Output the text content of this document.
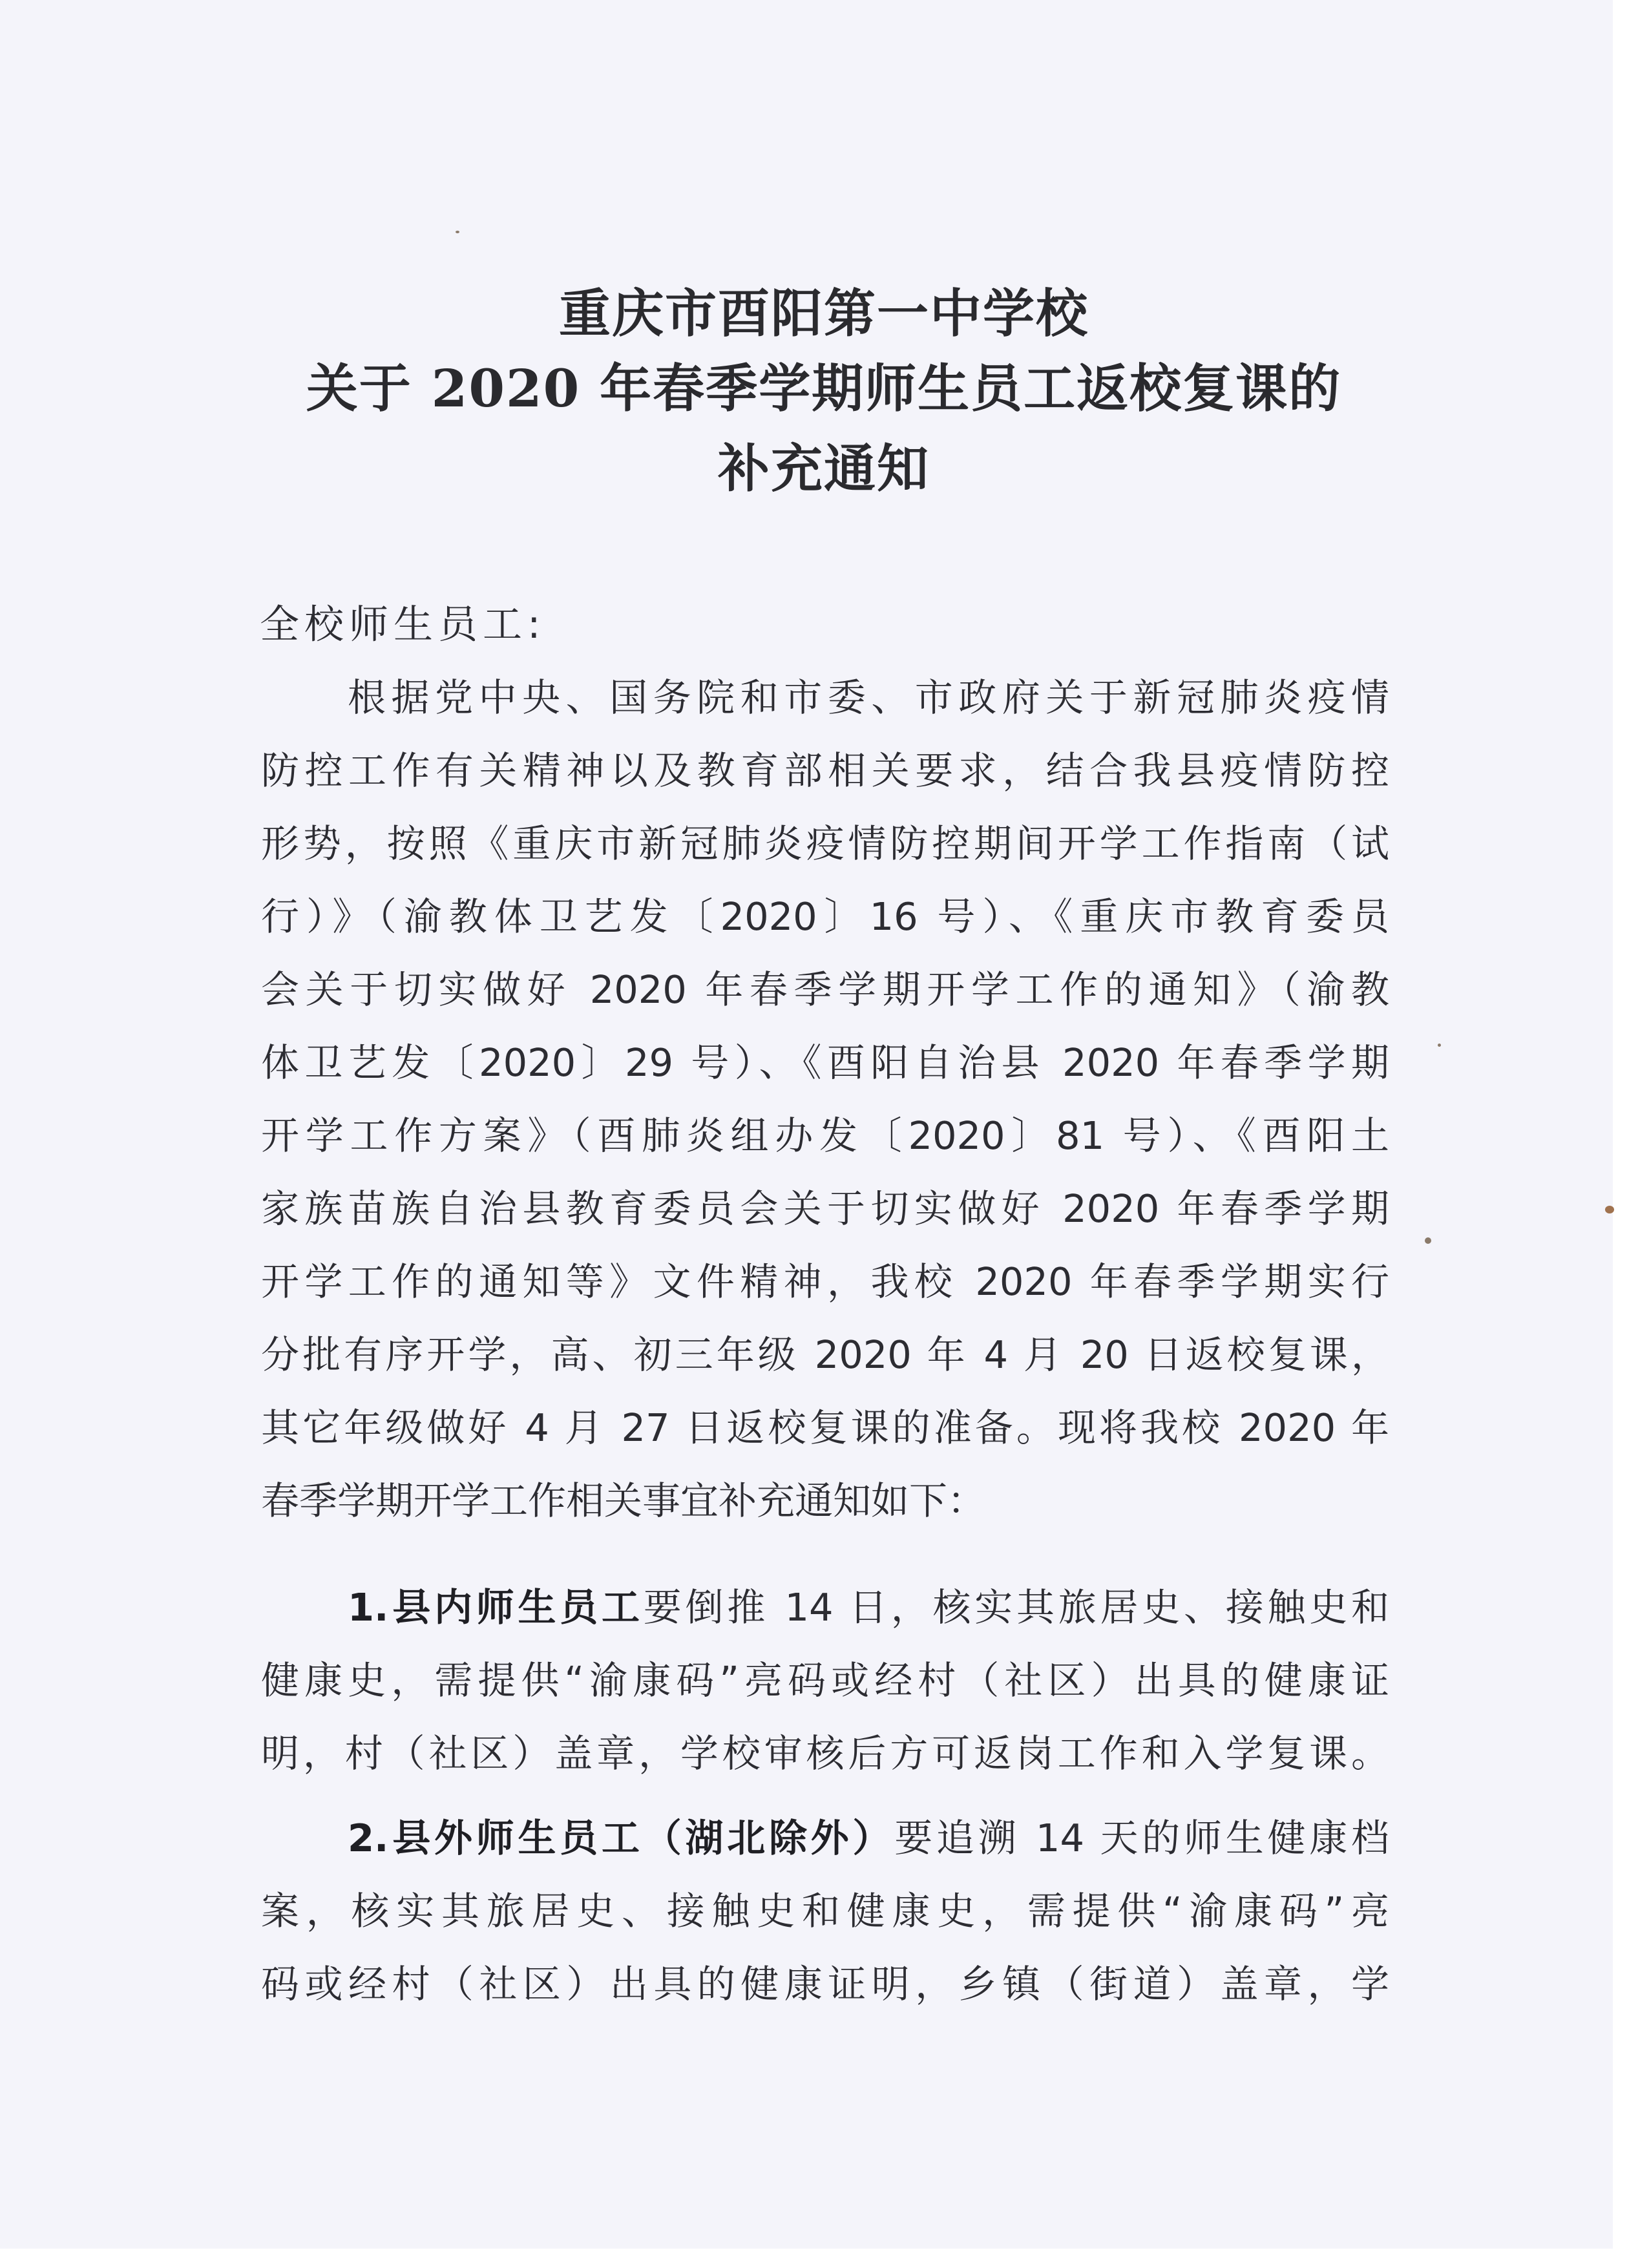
重庆市酉阳第一中学校
关于 2020 年春季学期师生员工返校复课的
补充通知
全校师生员工:
根据党中央、国务院和市委、市政府关于新冠肺炎疫情
防控工作有关精神以及教育部相关要求，结合我县疫情防控
形势，按照《重庆市新冠肺炎疫情防控期间开学工作指南（试
行）》（渝教体卫艺发〔2020〕16 号）、《重庆市教育委员
会关于切实做好 2020 年春季学期开学工作的通知》（渝教
体卫艺发〔2020〕29 号）、《酉阳自治县 2020 年春季学期
开学工作方案》（酉肺炎组办发〔2020〕81 号）、《酉阳土
家族苗族自治县教育委员会关于切实做好 2020 年春季学期
开学工作的通知等》文件精神，我校 2020 年春季学期实行
分批有序开学，高、初三年级 2020 年 4 月 20 日返校复课，
其它年级做好 4 月 27 日返校复课的准备。现将我校 2020 年
春季学期开学工作相关事宜补充通知如下：
1.县内师生员工要倒推 14 日，核实其旅居史、接触史和
健康史，需提供“渝康码”亮码或经村（社区）出具的健康证
明，村（社区）盖章，学校审核后方可返岗工作和入学复课。
2.县外师生员工（湖北除外）要追溯 14 天的师生健康档
案，核实其旅居史、接触史和健康史，需提供“渝康码”亮
码或经村（社区）出具的健康证明，乡镇（街道）盖章，学
